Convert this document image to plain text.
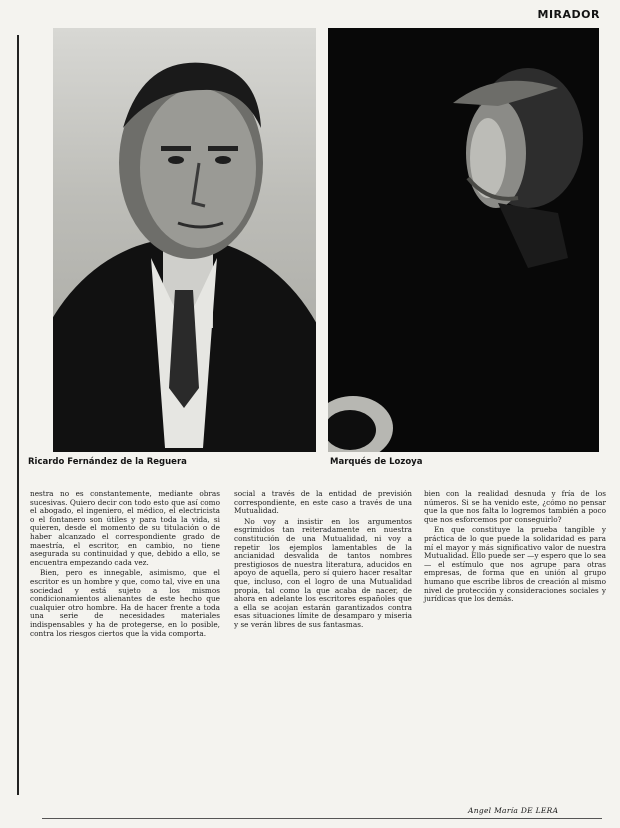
MIRADOR
Ricardo Fernández de la Reguera	Marqués de Lozoya

nestra no es constantemente, mediante obras sucesivas. Quiero decir con todo esto que así como el abogado, el ingeniero, el médico, el electricista o el fontanero son útiles y para toda la vida, si quieren, desde el momento de su titulación o de haber alcanzado el correspondiente grado de maestría, el escritor, en cambio, no tiene asegurada su continuidad y que, debido a ello, se encuentra empezando cada vez.

Bien, pero es innegable, asimismo, que el escritor es un hombre y que, como tal, vive en una sociedad y está sujeto a los mismos condicionamientos alienantes de este hecho que cualquier otro hombre. Ha de hacer frente a toda una serie de necesidades materiales indispensables y ha de protegerse, en lo posible, contra los riesgos ciertos que la vida comporta.

social a través de la entidad de previsión correspondiente, en este caso a través de una Mutualidad.

No voy a insistir en los argumentos esgrimidos tan reiteradamente en nuestra constitución de una Mutualidad, ni voy a repetir los ejemplos lamentables de la ancianidad desvalida de tantos nombres prestigiosos de nuestra literatura, aducidos en apoyo de aquella, pero sí quiero hacer resaltar que, incluso, con el logro de una Mutualidad propia, tal como la que acaba de nacer, de ahora en adelante los escritores españoles que a ella se acojan estarán garantizados contra esas situaciones límite de desamparo y miseria y se verán libres de sus fantasmas.

bien con la realidad desnuda y fría de los números. Si se ha venido este, ¿cómo no pensar que la que nos falta lo logremos también a poco que nos esforcemos por conseguirlo?

En que constituye la prueba tangible y práctica de lo que puede la solidaridad es para mí el mayor y más significativo valor de nuestra Mutualidad. Ello puede ser —y espero que lo sea— el estímulo que nos agrupe para otras empresas, de forma que en unión al grupo humano que escribe libros de creación al mismo nivel de protección y consideraciones sociales y jurídicas que los demás.

Angel María DE LERA
